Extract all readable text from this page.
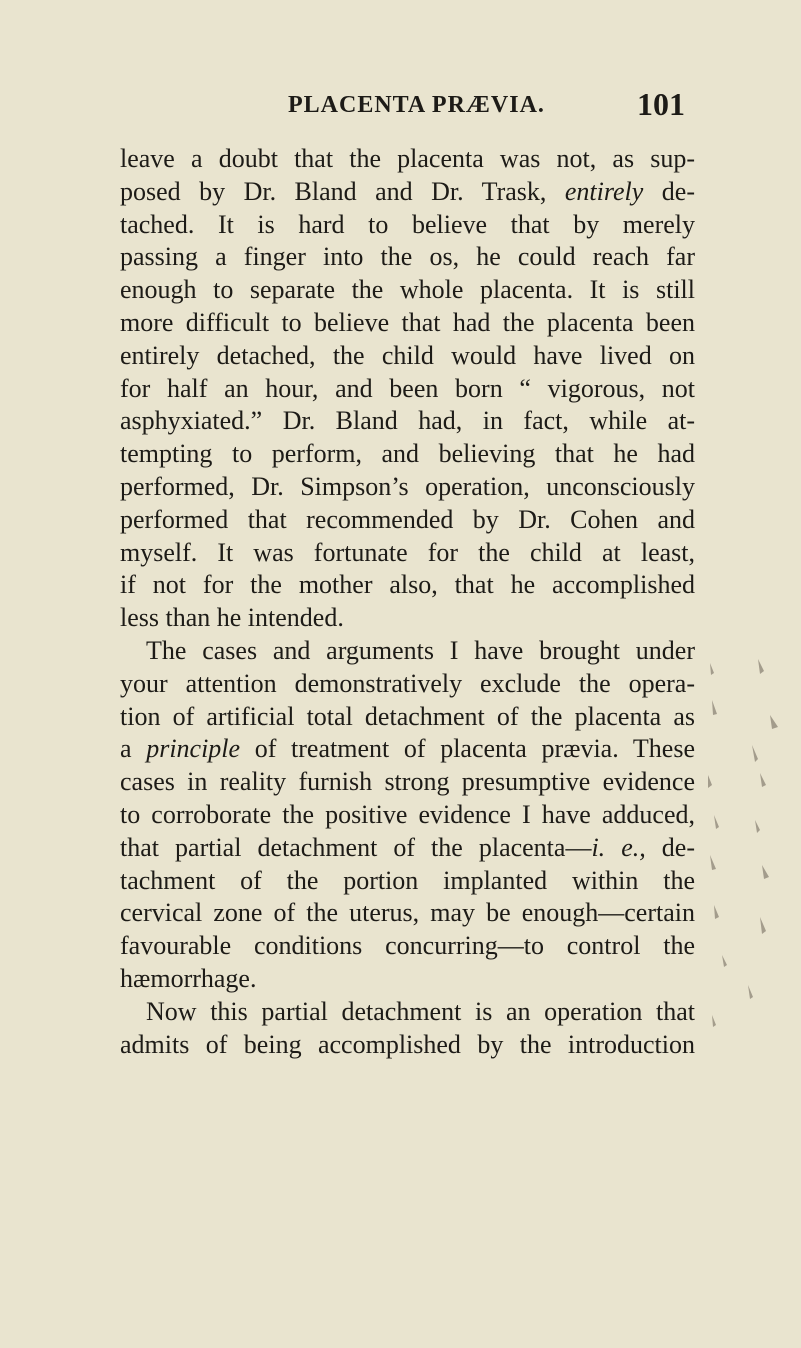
PLACENTA PRÆVIA.	101
leave a doubt that the placenta was not, as sup-
posed by Dr. Bland and Dr. Trask, entirely de-
tached. It is hard to believe that by merely
passing a finger into the os, he could reach far
enough to separate the whole placenta. It is still
more difficult to believe that had the placenta been
entirely detached, the child would have lived on
for half an hour, and been born “ vigorous, not
asphyxiated.” Dr. Bland had, in fact, while at-
tempting to perform, and believing that he had
performed, Dr. Simpson’s operation, unconsciously
performed that recommended by Dr. Cohen and
myself. It was fortunate for the child at least,
if not for the mother also, that he accomplished
less than he intended.
The cases and arguments I have brought under
your attention demonstratively exclude the opera-
tion of artificial total detachment of the placenta as
a principle of treatment of placenta prævia. These
cases in reality furnish strong presumptive evidence
to corroborate the positive evidence I have adduced,
that partial detachment of the placenta—i. e., de-
tachment of the portion implanted within the
cervical zone of the uterus, may be enough—certain
favourable conditions concurring—to control the
hæmorrhage.
Now this partial detachment is an operation that
admits of being accomplished by the introduction
